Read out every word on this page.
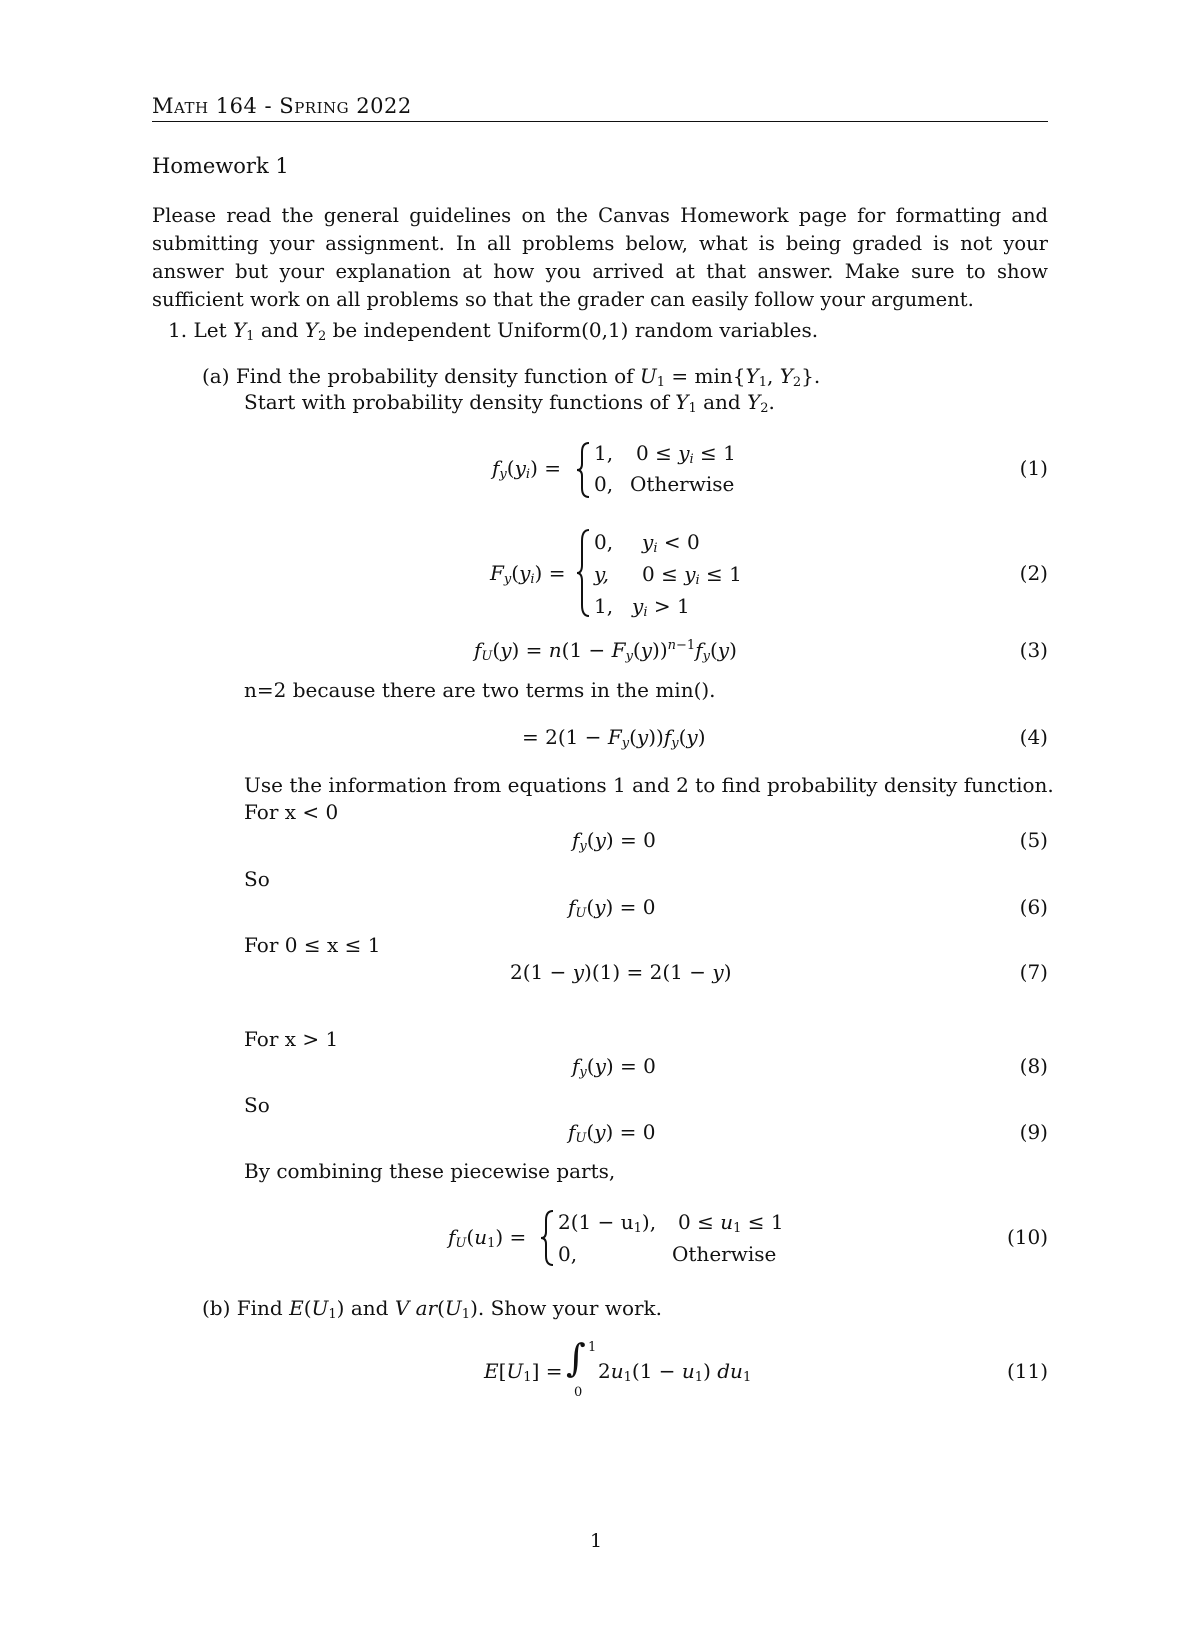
Math 164 - Spring 2022
Homework 1
Please read the general guidelines on the Canvas Homework page for formatting and submitting your assignment. In all problems below, what is being graded is not your answer but your explanation at how you arrived at that answer. Make sure to show sufficient work on all problems so that the grader can easily follow your argument.
1. Let $Y_1$ and $Y_2$ be independent Uniform(0,1) random variables.
(a) Find the probability density function of $U_1 = \min\{Y_1$, $Y_2$}.
Start with probability density functions of $Y_1$ and $Y_2$.
$f_y(y_i)$ =
1, $0 \le y_i \le 1$
0, Otherwise
(1)
$F_y(y_i)$ =
0, $y_i < 0$
y, $0 \le y_i \le 1$
1, $y_i > 1$
(2)
$f_U(y) = n(1 - F_y(y))^{n-1}f_y(y)$	(3)
n=2 because there are two terms in the min().
= $2(1 - F_y(y))f_y(y)$	(4)
Use the information from equations 1 and 2 to find probability density function.
For x < 0
$f_y(y) = 0$	(5)
So
$f_U(y) = 0$	(6)
For 0 ≤ x ≤ 1
2(1 − y)(1) = 2(1 − y)	(7)
For x > 1
$f_y(y) = 0$	(8)
So
$f_U(y) = 0$	(9)
By combining these piecewise parts,
$f_U(u_1)$ =
$2(1 - u_1)$, $0 \le u_1 \le 1$
0,	Otherwise
(10)
(b) Find $E(U_1)$ and V $ar(U_1)$. Show your work.
$E[U_1]$ = ∫ 1
0
$2u_1(1 - u_1)$ $du_1$	(11)
1
